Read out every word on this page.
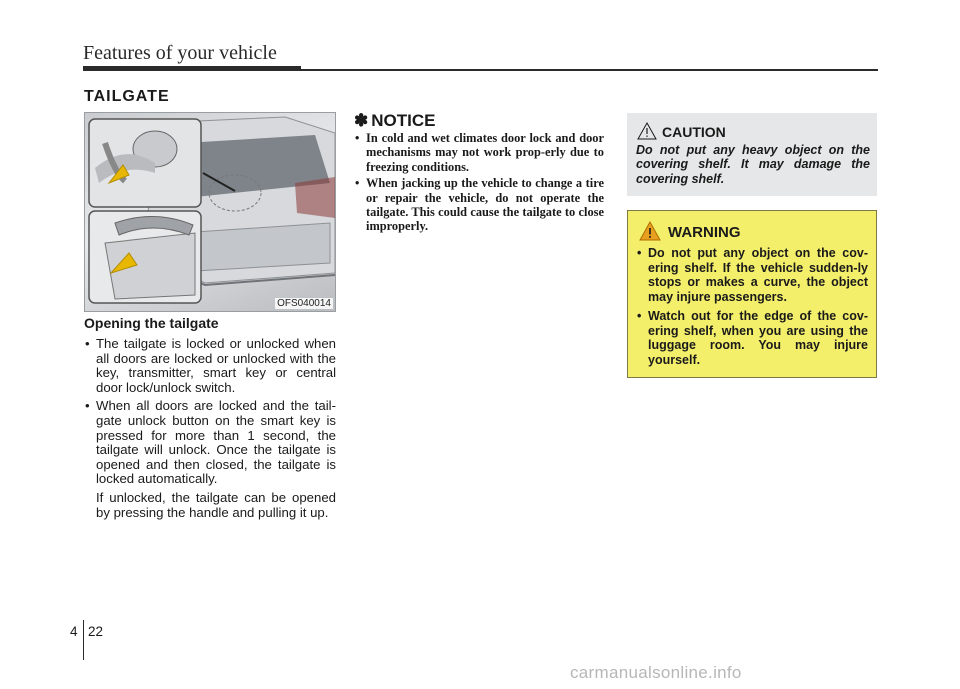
Features of your vehicle
TAILGATE
OFS040014
Opening the tailgate
• The tailgate is locked or unlocked when all doors are locked or unlocked with the key, transmitter, smart key or central door lock/unlock switch.
• When all doors are locked and the tail-gate unlock button on the smart key is pressed for more than 1 second, the tailgate will unlock. Once the tailgate is opened and then closed, the tailgate is locked automatically.

If unlocked, the tailgate can be opened by pressing the handle and pulling it up.

✽ NOTICE
• In cold and wet climates door lock and door mechanisms may not work prop-erly due to freezing conditions.
• When jacking up the vehicle to change a tire or repair the vehicle, do not operate the tailgate. This could cause the tailgate to close improperly.
CAUTION

Do not put any heavy object on the covering shelf. It may damage the covering shelf.

WARNING
• Do not put any object on the cov-ering shelf. If the vehicle sudden-ly stops or makes a curve, the object may injure passengers.
• Watch out for the edge of the cov-ering shelf, when you are using the luggage room. You may injure yourself.
4 22
carmanualsonline.info
